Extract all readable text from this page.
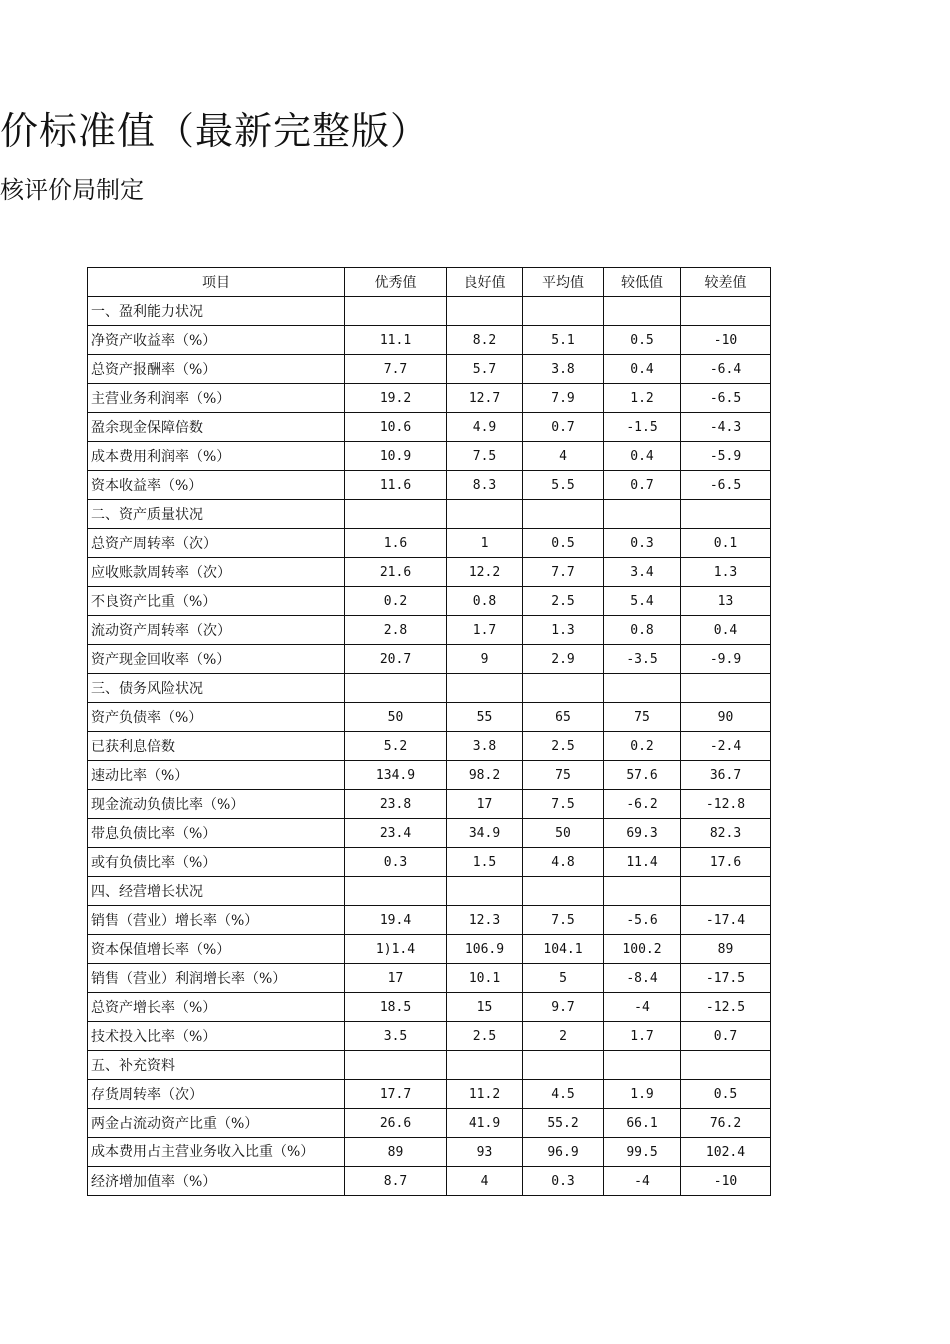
价标准值（最新完整版）
核评价局制定
项目	优秀值	良好值	平均值	较低值	较差值
一、盈利能力状况					
净资产收益率（%）	11.1	8.2	5.1	0.5	-10
总资产报酬率（%）	7.7	5.7	3.8	0.4	-6.4
主营业务利润率（%）	19.2	12.7	7.9	1.2	-6.5
盈余现金保障倍数	10.6	4.9	0.7	-1.5	-4.3
成本费用利润率（%）	10.9	7.5	4	0.4	-5.9
资本收益率（%）	11.6	8.3	5.5	0.7	-6.5
二、资产质量状况					
总资产周转率（次）	1.6	1	0.5	0.3	0.1
应收账款周转率（次）	21.6	12.2	7.7	3.4	1.3
不良资产比重（%）	0.2	0.8	2.5	5.4	13
流动资产周转率（次）	2.8	1.7	1.3	0.8	0.4
资产现金回收率（%）	20.7	9	2.9	-3.5	-9.9
三、债务风险状况					
资产负债率（%）	50	55	65	75	90
已获利息倍数	5.2	3.8	2.5	0.2	-2.4
速动比率（%）	134.9	98.2	75	57.6	36.7
现金流动负债比率（%）	23.8	17	7.5	-6.2	-12.8
带息负债比率（%）	23.4	34.9	50	69.3	82.3
或有负债比率（%）	0.3	1.5	4.8	11.4	17.6
四、经营增长状况					
销售（营业）增长率（%）	19.4	12.3	7.5	-5.6	-17.4
资本保值增长率（%）	1)1.4	106.9	104.1	100.2	89
销售（营业）利润增长率（%）	17	10.1	5	-8.4	-17.5
总资产增长率（%）	18.5	15	9.7	-4	-12.5
技术投入比率（%）	3.5	2.5	2	1.7	0.7
五、补充资料					
存货周转率（次）	17.7	11.2	4.5	1.9	0.5
两金占流动资产比重（%）	26.6	41.9	55.2	66.1	76.2
成本费用占主营业务收入比重（%）	89	93	96.9	99.5	102.4
经济增加值率（%）	8.7	4	0.3	-4	-10
